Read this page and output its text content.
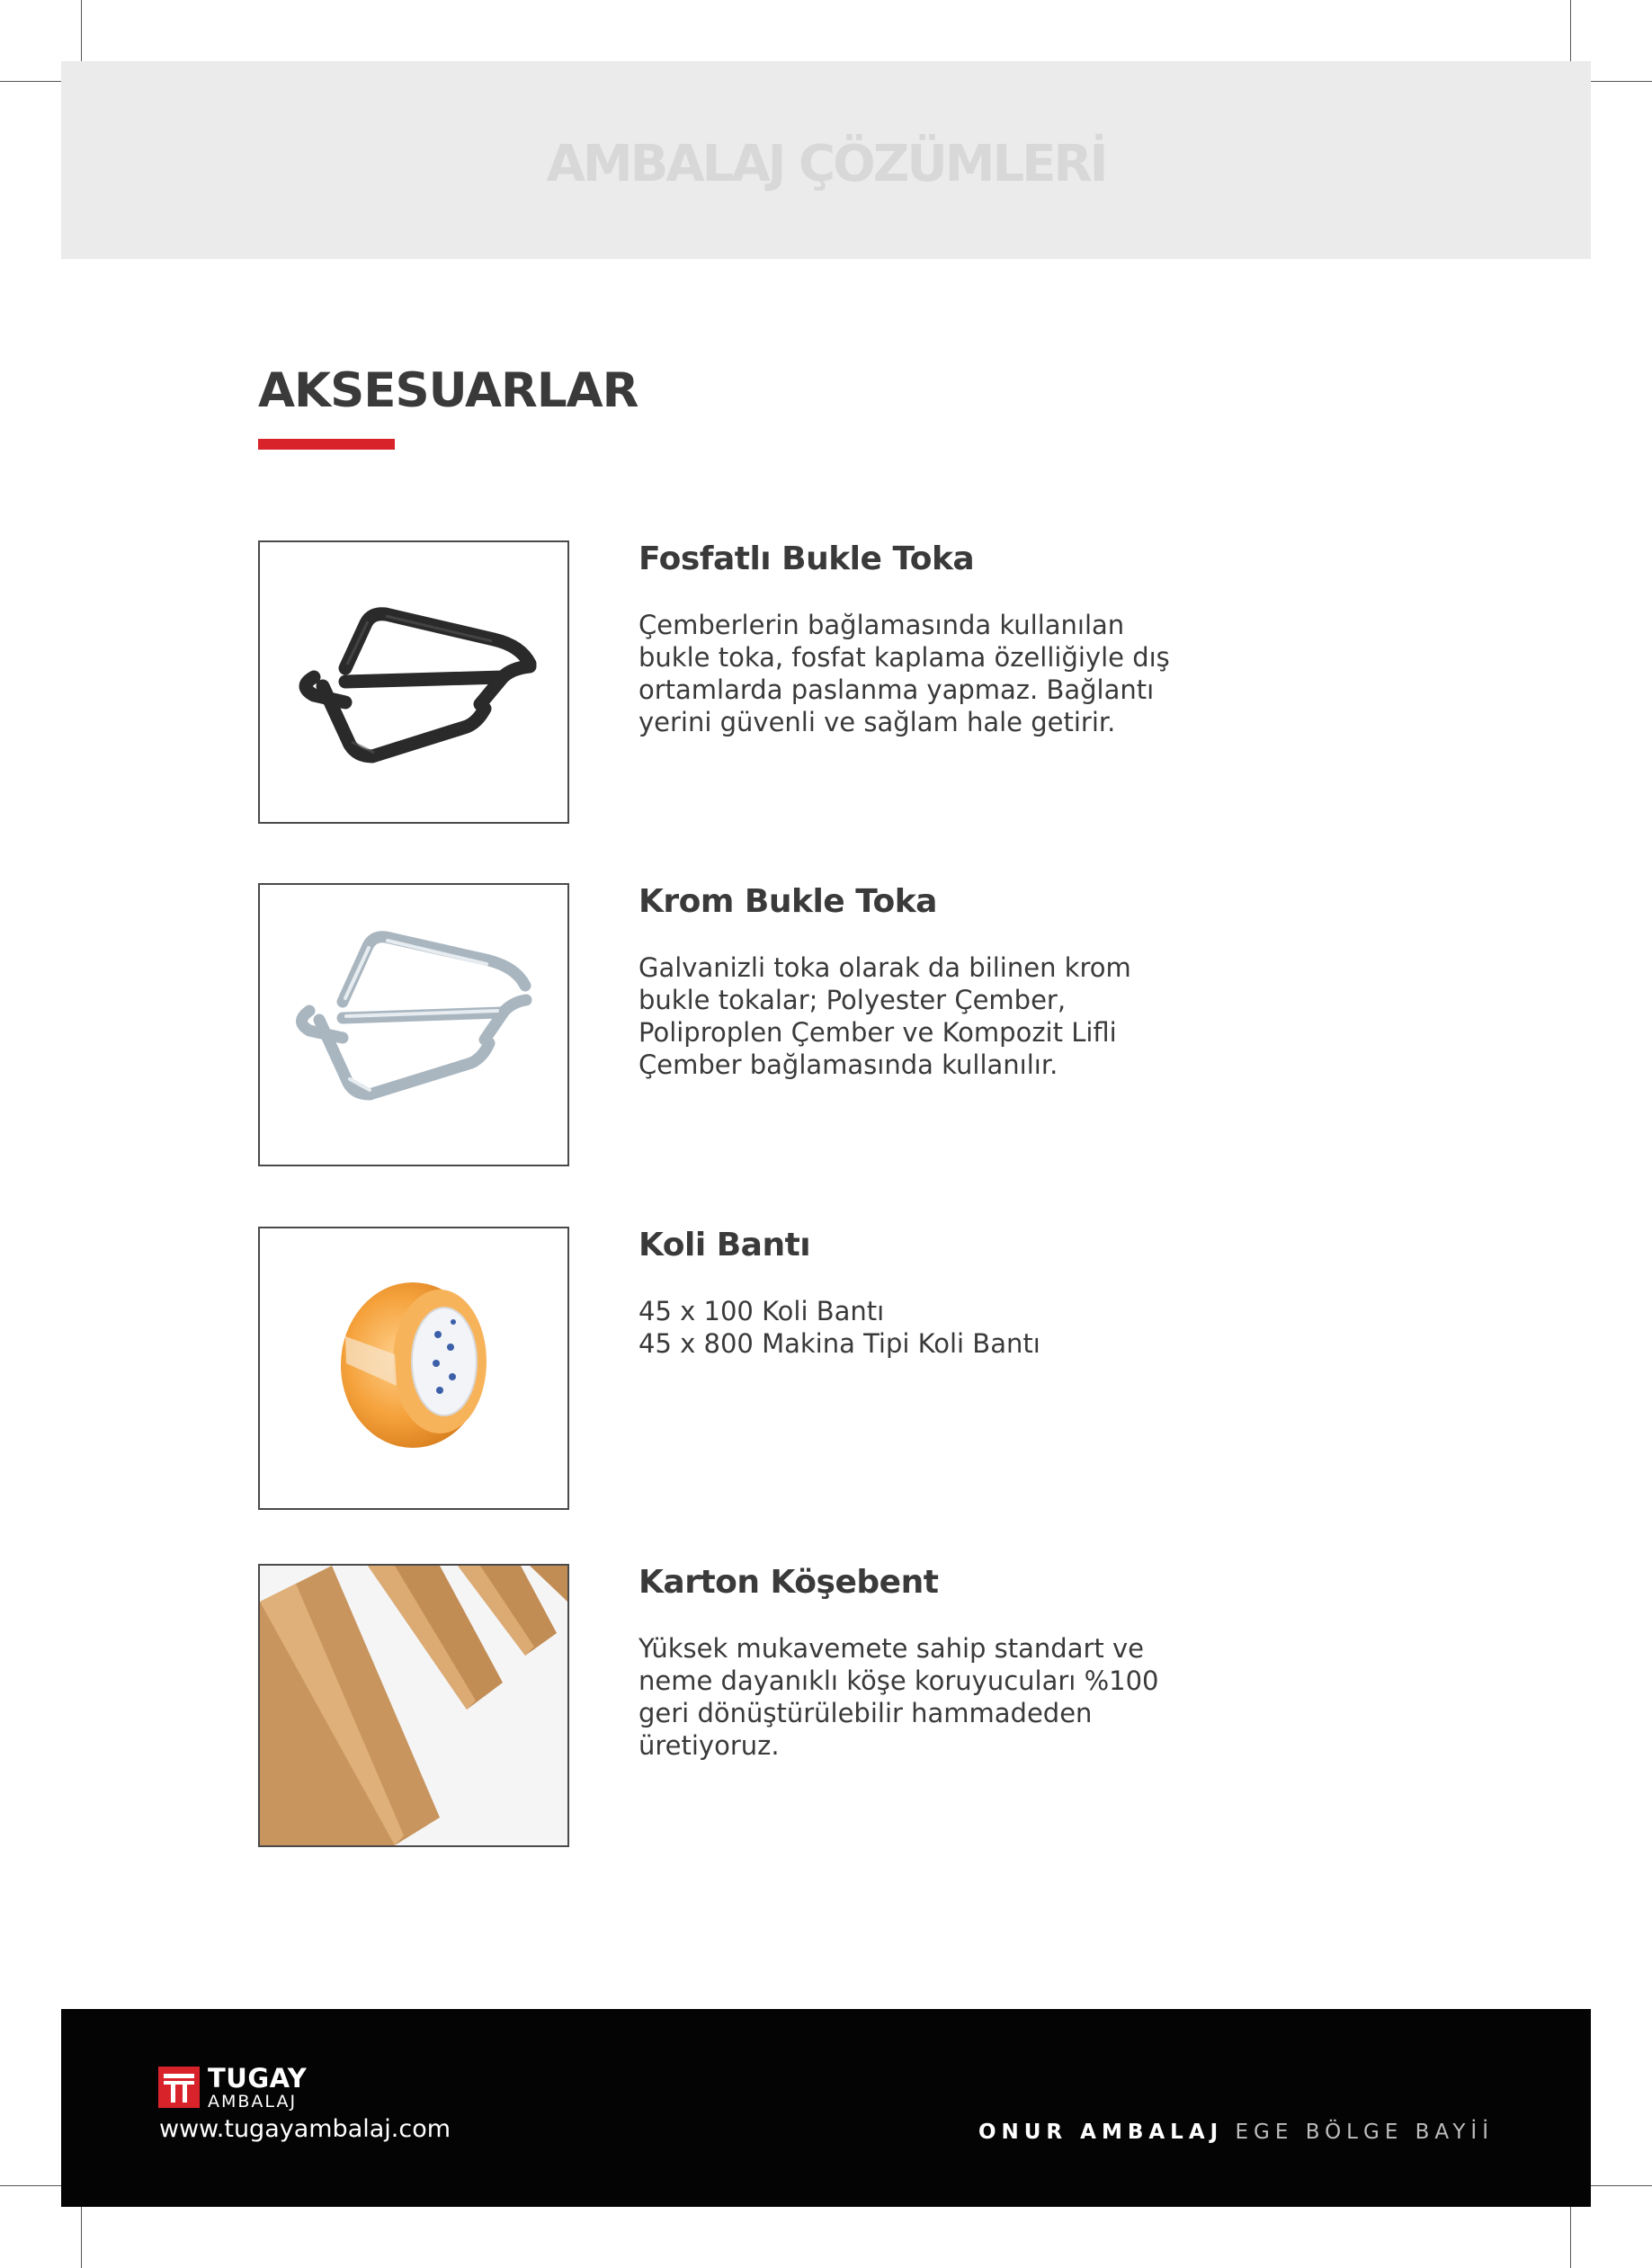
AMBALAJ ÇÖZÜMLERİ
AKSESUARLAR
Fosfatlı Bukle Toka
Çemberlerin bağlamasında kullanılan
bukle toka, fosfat kaplama özelliğiyle dış
ortamlarda paslanma yapmaz. Bağlantı
yerini güvenli ve sağlam hale getirir.
Krom Bukle Toka
Galvanizli toka olarak da bilinen krom
bukle tokalar; Polyester Çember,
Poliproplen Çember ve Kompozit Lifli
Çember bağlamasında kullanılır.
Koli Bantı
45 x 100 Koli Bantı
45 x 800 Makina Tipi Koli Bantı
Karton Köşebent
Yüksek mukavemete sahip standart ve
neme dayanıklı köşe koruyucuları %100
geri dönüştürülebilir hammadeden
üretiyoruz.
TUGAY
AMBALAJ
www.tugayambalaj.com	ONUR AMBALAJ EGE BÖLGE BAYİİ
